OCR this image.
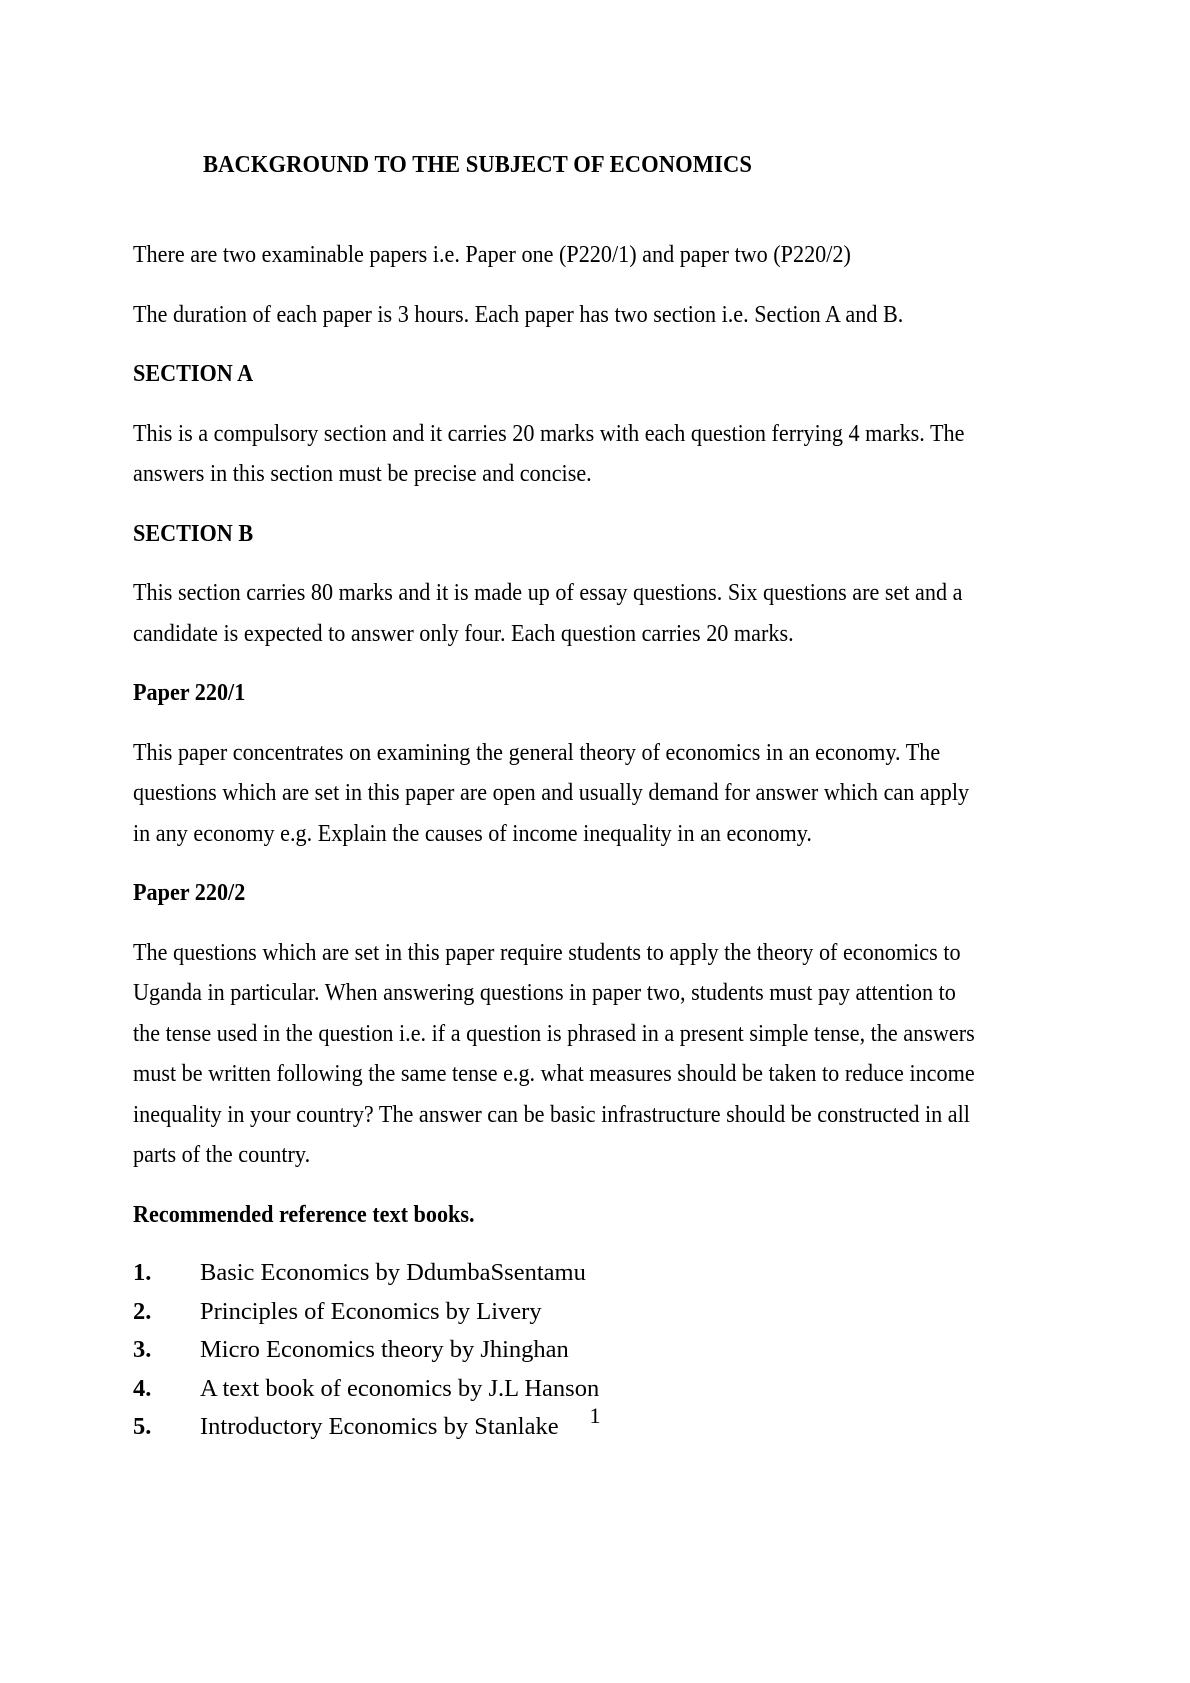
BACKGROUND TO THE SUBJECT OF ECONOMICS

There are two examinable papers i.e. Paper one (P220/1) and paper two (P220/2)

The duration of each paper is 3 hours. Each paper has two section i.e. Section A and B.

SECTION A

This is a compulsory section and it carries 20 marks with each question ferrying 4 marks. The answers in this section must be precise and concise.

SECTION B

This section carries 80 marks and it is made up of essay questions. Six questions are set and a candidate is expected to answer only four. Each question carries 20 marks.

Paper 220/1

This paper concentrates on examining the general theory of economics in an economy. The questions which are set in this paper are open and usually demand for answer which can apply in any economy e.g. Explain the causes of income inequality in an economy.

Paper 220/2

The questions which are set in this paper require students to apply the theory of economics to Uganda in particular. When answering questions in paper two, students must pay attention to the tense used in the question i.e. if a question is phrased in a present simple tense, the answers must be written following the same tense e.g. what measures should be taken to reduce income inequality in your country? The answer can be basic infrastructure should be constructed in all parts of the country.

Recommended reference text books.
1.	Basic Economics by DdumbaSsentamu
2.	Principles of Economics by Livery
3.	Micro Economics theory by Jhinghan
4.	A text book of economics by J.L Hanson
5.	Introductory Economics by Stanlake	1
